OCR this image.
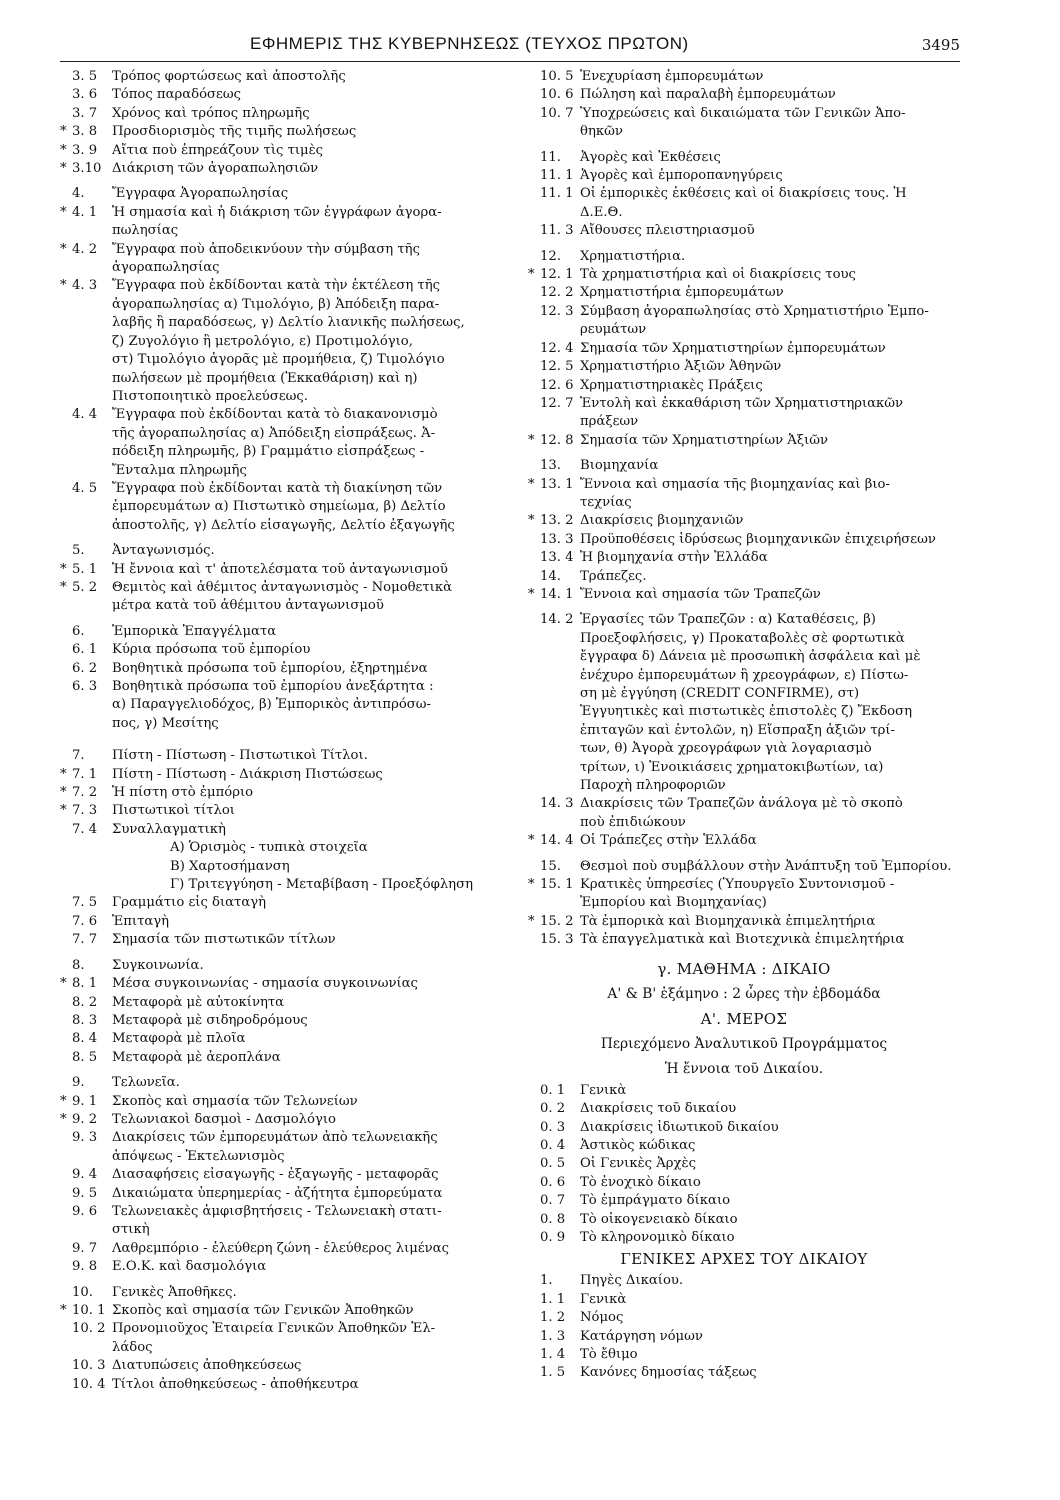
ΕΦΗΜΕΡΙΣ ΤΗΣ ΚΥΒΕΡΝΗΣΕΩΣ (ΤΕΥΧΟΣ ΠΡΩΤΟΝ)	3495
3. 5 Τρόπος φορτώσεως καὶ ἀποστολῆς
3. 6 Τόπος παραδόσεως
3. 7 Χρόνος καὶ τρόπος πληρωμῆς
* 3. 8 Προσδιορισμὸς τῆς τιμῆς πωλήσεως
* 3. 9 Αἴτια ποὺ ἐπηρεάζουν τὶς τιμὲς
* 3.10 Διάκριση τῶν ἀγοραπωλησιῶν
4. Ἔγγραφα Ἀγοραπωλησίας
* 4. 1 Ἡ σημασία καὶ ἡ διάκριση τῶν ἐγγράφων ἀγορα-
πωλησίας
* 4. 2 Ἔγγραφα ποὺ ἀποδεικνύουν τὴν σύμβαση τῆς
ἀγοραπωλησίας
* 4. 3 Ἔγγραφα ποὺ ἐκδίδονται κατὰ τὴν ἐκτέλεση τῆς
ἀγοραπωλησίας α) Τιμολόγιο, β) Ἀπόδειξη παρα-
λαβῆς ἢ παραδόσεως, γ) Δελτίο λιανικῆς πωλήσεως,
ζ) Ζυγολόγιο ἢ μετρολόγιο, ε) Προτιμολόγιο,
στ) Τιμολόγιο ἀγορᾶς μὲ προμήθεια, ζ) Τιμολόγιο
πωλήσεων μὲ προμήθεια (Ἐκκαθάριση) καὶ η)
Πιστοποιητικὸ προελεύσεως.
4. 4 Ἔγγραφα ποὺ ἐκδίδονται κατὰ τὸ διακανονισμὸ
τῆς ἀγοραπωλησίας α) Ἀπόδειξη εἰσπράξεως. Ἀ-
πόδειξη πληρωμῆς, β) Γραμμάτιο εἰσπράξεως -
Ἔνταλμα πληρωμῆς
4. 5 Ἔγγραφα ποὺ ἐκδίδονται κατὰ τὴ διακίνηση τῶν
ἐμπορευμάτων α) Πιστωτικὸ σημείωμα, β) Δελτίο
ἀποστολῆς, γ) Δελτίο εἰσαγωγῆς, Δελτίο ἐξαγωγῆς
5. Ἀνταγωνισμός.
* 5. 1 Ἡ ἔννοια καὶ τ' ἀποτελέσματα τοῦ ἀνταγωνισμοῦ
* 5. 2 Θεμιτὸς καὶ ἀθέμιτος ἀνταγωνισμὸς - Νομοθετικὰ
μέτρα κατὰ τοῦ ἀθέμιτου ἀνταγωνισμοῦ
6. Ἐμπορικὰ Ἐπαγγέλματα
6. 1 Κύρια πρόσωπα τοῦ ἐμπορίου
6. 2 Βοηθητικὰ πρόσωπα τοῦ ἐμπορίου, ἐξηρτημένα
6. 3 Βοηθητικὰ πρόσωπα τοῦ ἐμπορίου ἀνεξάρτητα :
α) Παραγγελιοδόχος, β) Ἐμπορικὸς ἀντιπρόσω-
πος, γ) Μεσίτης
7. Πίστη - Πίστωση - Πιστωτικοὶ Τίτλοι.
* 7. 1 Πίστη - Πίστωση - Διάκριση Πιστώσεως
* 7. 2 Ἡ πίστη στὸ ἐμπόριο
* 7. 3 Πιστωτικοὶ τίτλοι
7. 4 Συναλλαγματικὴ
Α) Ὁρισμὸς - τυπικὰ στοιχεῖα
Β) Χαρτοσήμανση
Γ) Τριτεγγύηση - Μεταβίβαση - Προεξόφληση
7. 5 Γραμμάτιο εἰς διαταγὴ
7. 6 Ἐπιταγὴ
7. 7 Σημασία τῶν πιστωτικῶν τίτλων
8. Συγκοινωνία.
* 8. 1 Μέσα συγκοινωνίας - σημασία συγκοινωνίας
8. 2 Μεταφορὰ μὲ αὐτοκίνητα
8. 3 Μεταφορὰ μὲ σιδηροδρόμους
8. 4 Μεταφορὰ μὲ πλοῖα
8. 5 Μεταφορὰ μὲ ἀεροπλάνα
9. Τελωνεῖα.
* 9. 1 Σκοπὸς καὶ σημασία τῶν Τελωνείων
* 9. 2 Τελωνιακοὶ δασμοὶ - Δασμολόγιο
9. 3 Διακρίσεις τῶν ἐμπορευμάτων ἀπὸ τελωνειακῆς
ἀπόψεως - Ἐκτελωνισμὸς
9. 4 Διασαφήσεις εἰσαγωγῆς - ἐξαγωγῆς - μεταφορᾶς
9. 5 Δικαιώματα ὑπερημερίας - ἀζήτητα ἐμπορεύματα
9. 6 Τελωνειακὲς ἀμφισβητήσεις - Τελωνειακὴ στατι-
στικὴ
9. 7 Λαθρεμπόριο - ἐλεύθερη ζώνη - ἐλεύθερος λιμένας
9. 8 Ε.Ο.Κ. καὶ δασμολόγια
10. Γενικὲς Ἀποθῆκες.
* 10. 1 Σκοπὸς καὶ σημασία τῶν Γενικῶν Ἀποθηκῶν
10. 2 Προνομιοῦχος Ἑταιρεία Γενικῶν Ἀποθηκῶν Ἑλ-
λάδος
10. 3 Διατυπώσεις ἀποθηκεύσεως
10. 4 Τίτλοι ἀποθηκεύσεως - ἀποθήκευτρα
10. 5 Ἐνεχυρίαση ἐμπορευμάτων
10. 6 Πώληση καὶ παραλαβὴ ἐμπορευμάτων
10. 7 Ὑποχρεώσεις καὶ δικαιώματα τῶν Γενικῶν Ἀπο-
θηκῶν
11. Ἀγορὲς καὶ Ἐκθέσεις
11. 1 Ἀγορὲς καὶ ἐμποροπανηγύρεις
11. 1 Οἱ ἐμπορικὲς ἐκθέσεις καὶ οἱ διακρίσεις τους. Ἡ
Δ.Ε.Θ.
11. 3 Αἴθουσες πλειστηριασμοῦ
12. Χρηματιστήρια.
* 12. 1 Τὰ χρηματιστήρια καὶ οἱ διακρίσεις τους
12. 2 Χρηματιστήρια ἐμπορευμάτων
12. 3 Σύμβαση ἀγοραπωλησίας στὸ Χρηματιστήριο Ἐμπο-
ρευμάτων
12. 4 Σημασία τῶν Χρηματιστηρίων ἐμπορευμάτων
12. 5 Χρηματιστήριο Ἀξιῶν Ἀθηνῶν
12. 6 Χρηματιστηριακὲς Πράξεις
12. 7 Ἐντολὴ καὶ ἐκκαθάριση τῶν Χρηματιστηριακῶν
πράξεων
* 12. 8 Σημασία τῶν Χρηματιστηρίων Ἀξιῶν
13. Βιομηχανία
* 13. 1 Ἔννοια καὶ σημασία τῆς βιομηχανίας καὶ βιο-
τεχνίας
* 13. 2 Διακρίσεις βιομηχανιῶν
13. 3 Προϋποθέσεις ἱδρύσεως βιομηχανικῶν ἐπιχειρήσεων
13. 4 Ἡ βιομηχανία στὴν Ἑλλάδα
14. Τράπεζες.
* 14. 1 Ἔννοια καὶ σημασία τῶν Τραπεζῶν
14. 2 Ἐργασίες τῶν Τραπεζῶν : α) Καταθέσεις, β)
Προεξοφλήσεις, γ) Προκαταβολὲς σὲ φορτωτικὰ
ἔγγραφα δ) Δάνεια μὲ προσωπικὴ ἀσφάλεια καὶ μὲ
ἐνέχυρο ἐμπορευμάτων ἢ χρεογράφων, ε) Πίστω-
ση μὲ ἐγγύηση (CREDIT CONFIRME), στ)
Ἐγγυητικὲς καὶ πιστωτικὲς ἐπιστολὲς ζ) Ἔκδοση
ἐπιταγῶν καὶ ἐντολῶν, η) Εἴσπραξη ἀξιῶν τρί-
των, θ) Ἀγορὰ χρεογράφων γιὰ λογαριασμὸ
τρίτων, ι) Ἐνοικιάσεις χρηματοκιβωτίων, ια)
Παροχὴ πληροφοριῶν
14. 3 Διακρίσεις τῶν Τραπεζῶν ἀνάλογα μὲ τὸ σκοπὸ
ποὺ ἐπιδιώκουν
* 14. 4 Οἱ Τράπεζες στὴν Ἑλλάδα
15. Θεσμοὶ ποὺ συμβάλλουν στὴν Ἀνάπτυξη τοῦ Ἐμπορίου.
* 15. 1 Κρατικὲς ὑπηρεσίες (Ὑπουργεῖο Συντονισμοῦ -
Ἐμπορίου καὶ Βιομηχανίας)
* 15. 2 Τὰ ἐμπορικὰ καὶ Βιομηχανικὰ ἐπιμελητήρια
15. 3 Τὰ ἐπαγγελματικὰ καὶ Βιοτεχνικὰ ἐπιμελητήρια
γ. ΜΑΘΗΜΑ : ΔΙΚΑΙΟ
Α' & Β' ἑξάμηνο : 2 ὧρες τὴν ἑβδομάδα
Α'. ΜΕΡΟΣ
Περιεχόμενο Ἀναλυτικοῦ Προγράμματος
Ἡ ἔννοια τοῦ Δικαίου.
0. 1 Γενικὰ
0. 2 Διακρίσεις τοῦ δικαίου
0. 3 Διακρίσεις ἰδιωτικοῦ δικαίου
0. 4 Ἀστικὸς κώδικας
0. 5 Οἱ Γενικὲς Ἀρχὲς
0. 6 Τὸ ἐνοχικὸ δίκαιο
0. 7 Τὸ ἐμπράγματο δίκαιο
0. 8 Τὸ οἰκογενειακὸ δίκαιο
0. 9 Τὸ κληρονομικὸ δίκαιο
ΓΕΝΙΚΕΣ ΑΡΧΕΣ ΤΟΥ ΔΙΚΑΙΟΥ
1. Πηγὲς Δικαίου.
1. 1 Γενικὰ
1. 2 Νόμος
1. 3 Κατάργηση νόμων
1. 4 Τὸ ἔθιμο
1. 5 Κανόνες δημοσίας τάξεως
